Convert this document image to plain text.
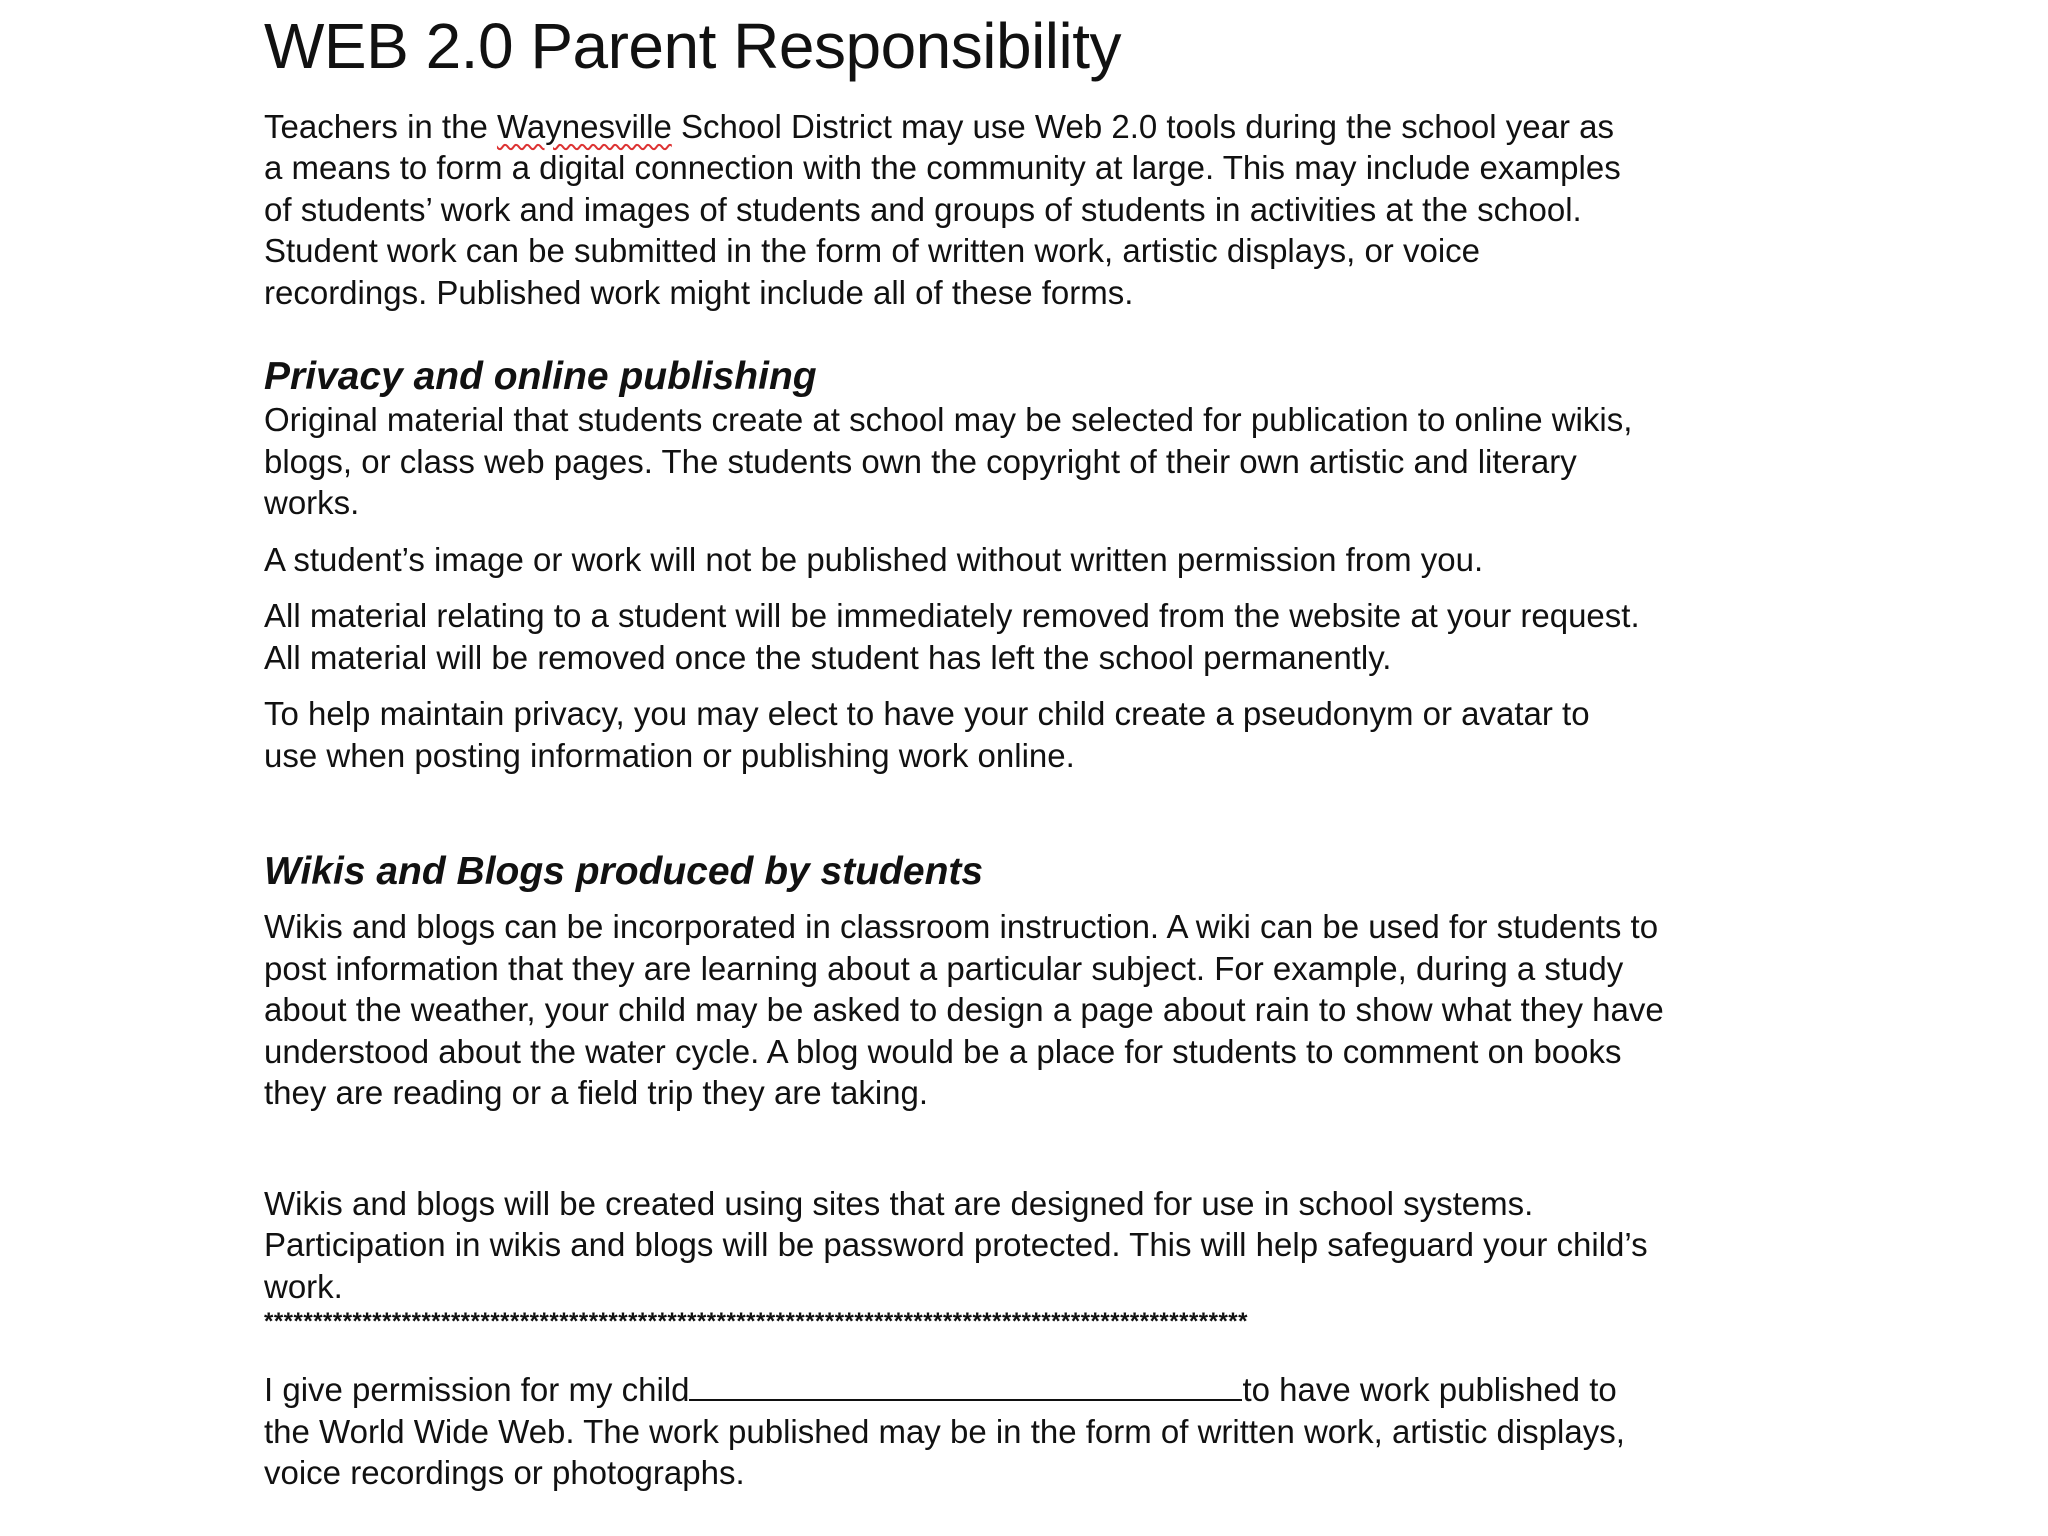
WEB 2.0 Parent Responsibility

Teachers in the Waynesville School District may use Web 2.0 tools during the school year as a means to form a digital connection with the community at large. This may include examples of students’ work and images of students and groups of students in activities at the school. Student work can be submitted in the form of written work, artistic displays, or voice recordings. Published work might include all of these forms.

Privacy and online publishing

Original material that students create at school may be selected for publication to online wikis, blogs, or class web pages. The students own the copyright of their own artistic and literary works.

A student’s image or work will not be published without written permission from you.

All material relating to a student will be immediately removed from the website at your request. All material will be removed once the student has left the school permanently.

To help maintain privacy, you may elect to have your child create a pseudonym or avatar to use when posting information or publishing work online.

Wikis and Blogs produced by students

Wikis and blogs can be incorporated in classroom instruction. A wiki can be used for students to post information that they are learning about a particular subject. For example, during a study about the weather, your child may be asked to design a page about rain to show what they have understood about the water cycle. A blog would be a place for students to comment on books they are reading or a field trip they are taking.

Wikis and blogs will be created using sites that are designed for use in school systems. Participation in wikis and blogs will be password protected. This will help safeguard your child’s work.

****************************************************************************************************

I give permission for my child	to have work published to the World Wide Web. The work published may be in the form of written work, artistic displays, voice recordings or photographs.
